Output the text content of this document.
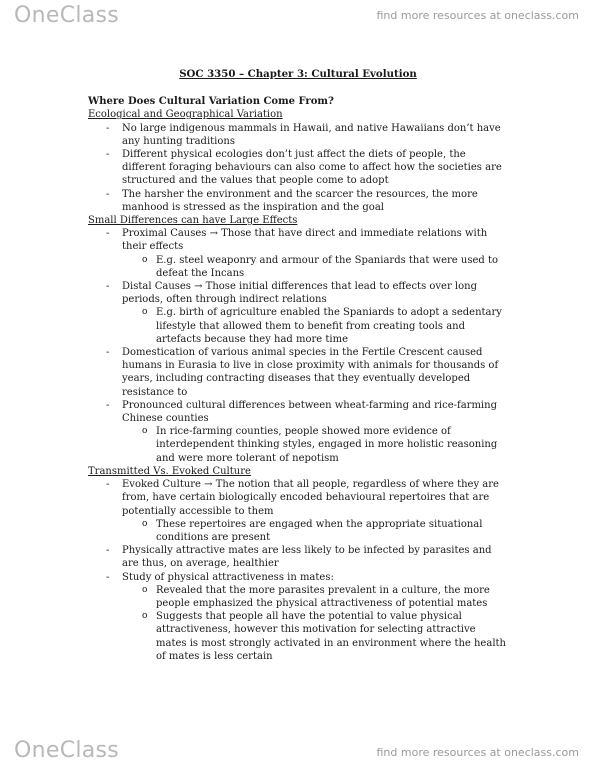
OneClass	find more resources at oneclass.com

SOC 3350 – Chapter 3: Cultural Evolution

Where Does Cultural Variation Come From?

Ecological and Geographical Variation

- No large indigenous mammals in Hawaii, and native Hawaiians don’t have any hunting traditions
- Different physical ecologies don’t just affect the diets of people, the different foraging behaviours can also come to affect how the societies are structured and the values that people come to adopt
- The harsher the environment and the scarcer the resources, the more manhood is stressed as the inspiration and the goal

Small Differences can have Large Effects

- Proximal Causes → Those that have direct and immediate relations with their effects
o E.g. steel weaponry and armour of the Spaniards that were used to defeat the Incans
- Distal Causes → Those initial differences that lead to effects over long periods, often through indirect relations
o E.g. birth of agriculture enabled the Spaniards to adopt a sedentary lifestyle that allowed them to benefit from creating tools and artefacts because they had more time
- Domestication of various animal species in the Fertile Crescent caused humans in Eurasia to live in close proximity with animals for thousands of years, including contracting diseases that they eventually developed resistance to
- Pronounced cultural differences between wheat-farming and rice-farming Chinese counties
o In rice-farming counties, people showed more evidence of interdependent thinking styles, engaged in more holistic reasoning and were more tolerant of nepotism

Transmitted Vs. Evoked Culture

- Evoked Culture → The notion that all people, regardless of where they are from, have certain biologically encoded behavioural repertoires that are potentially accessible to them
o These repertoires are engaged when the appropriate situational conditions are present
- Physically attractive mates are less likely to be infected by parasites and are thus, on average, healthier
- Study of physical attractiveness in mates:
o Revealed that the more parasites prevalent in a culture, the more people emphasized the physical attractiveness of potential mates
o Suggests that people all have the potential to value physical attractiveness, however this motivation for selecting attractive mates is most strongly activated in an environment where the health of mates is less certain
OneClass	find more resources at oneclass.com
